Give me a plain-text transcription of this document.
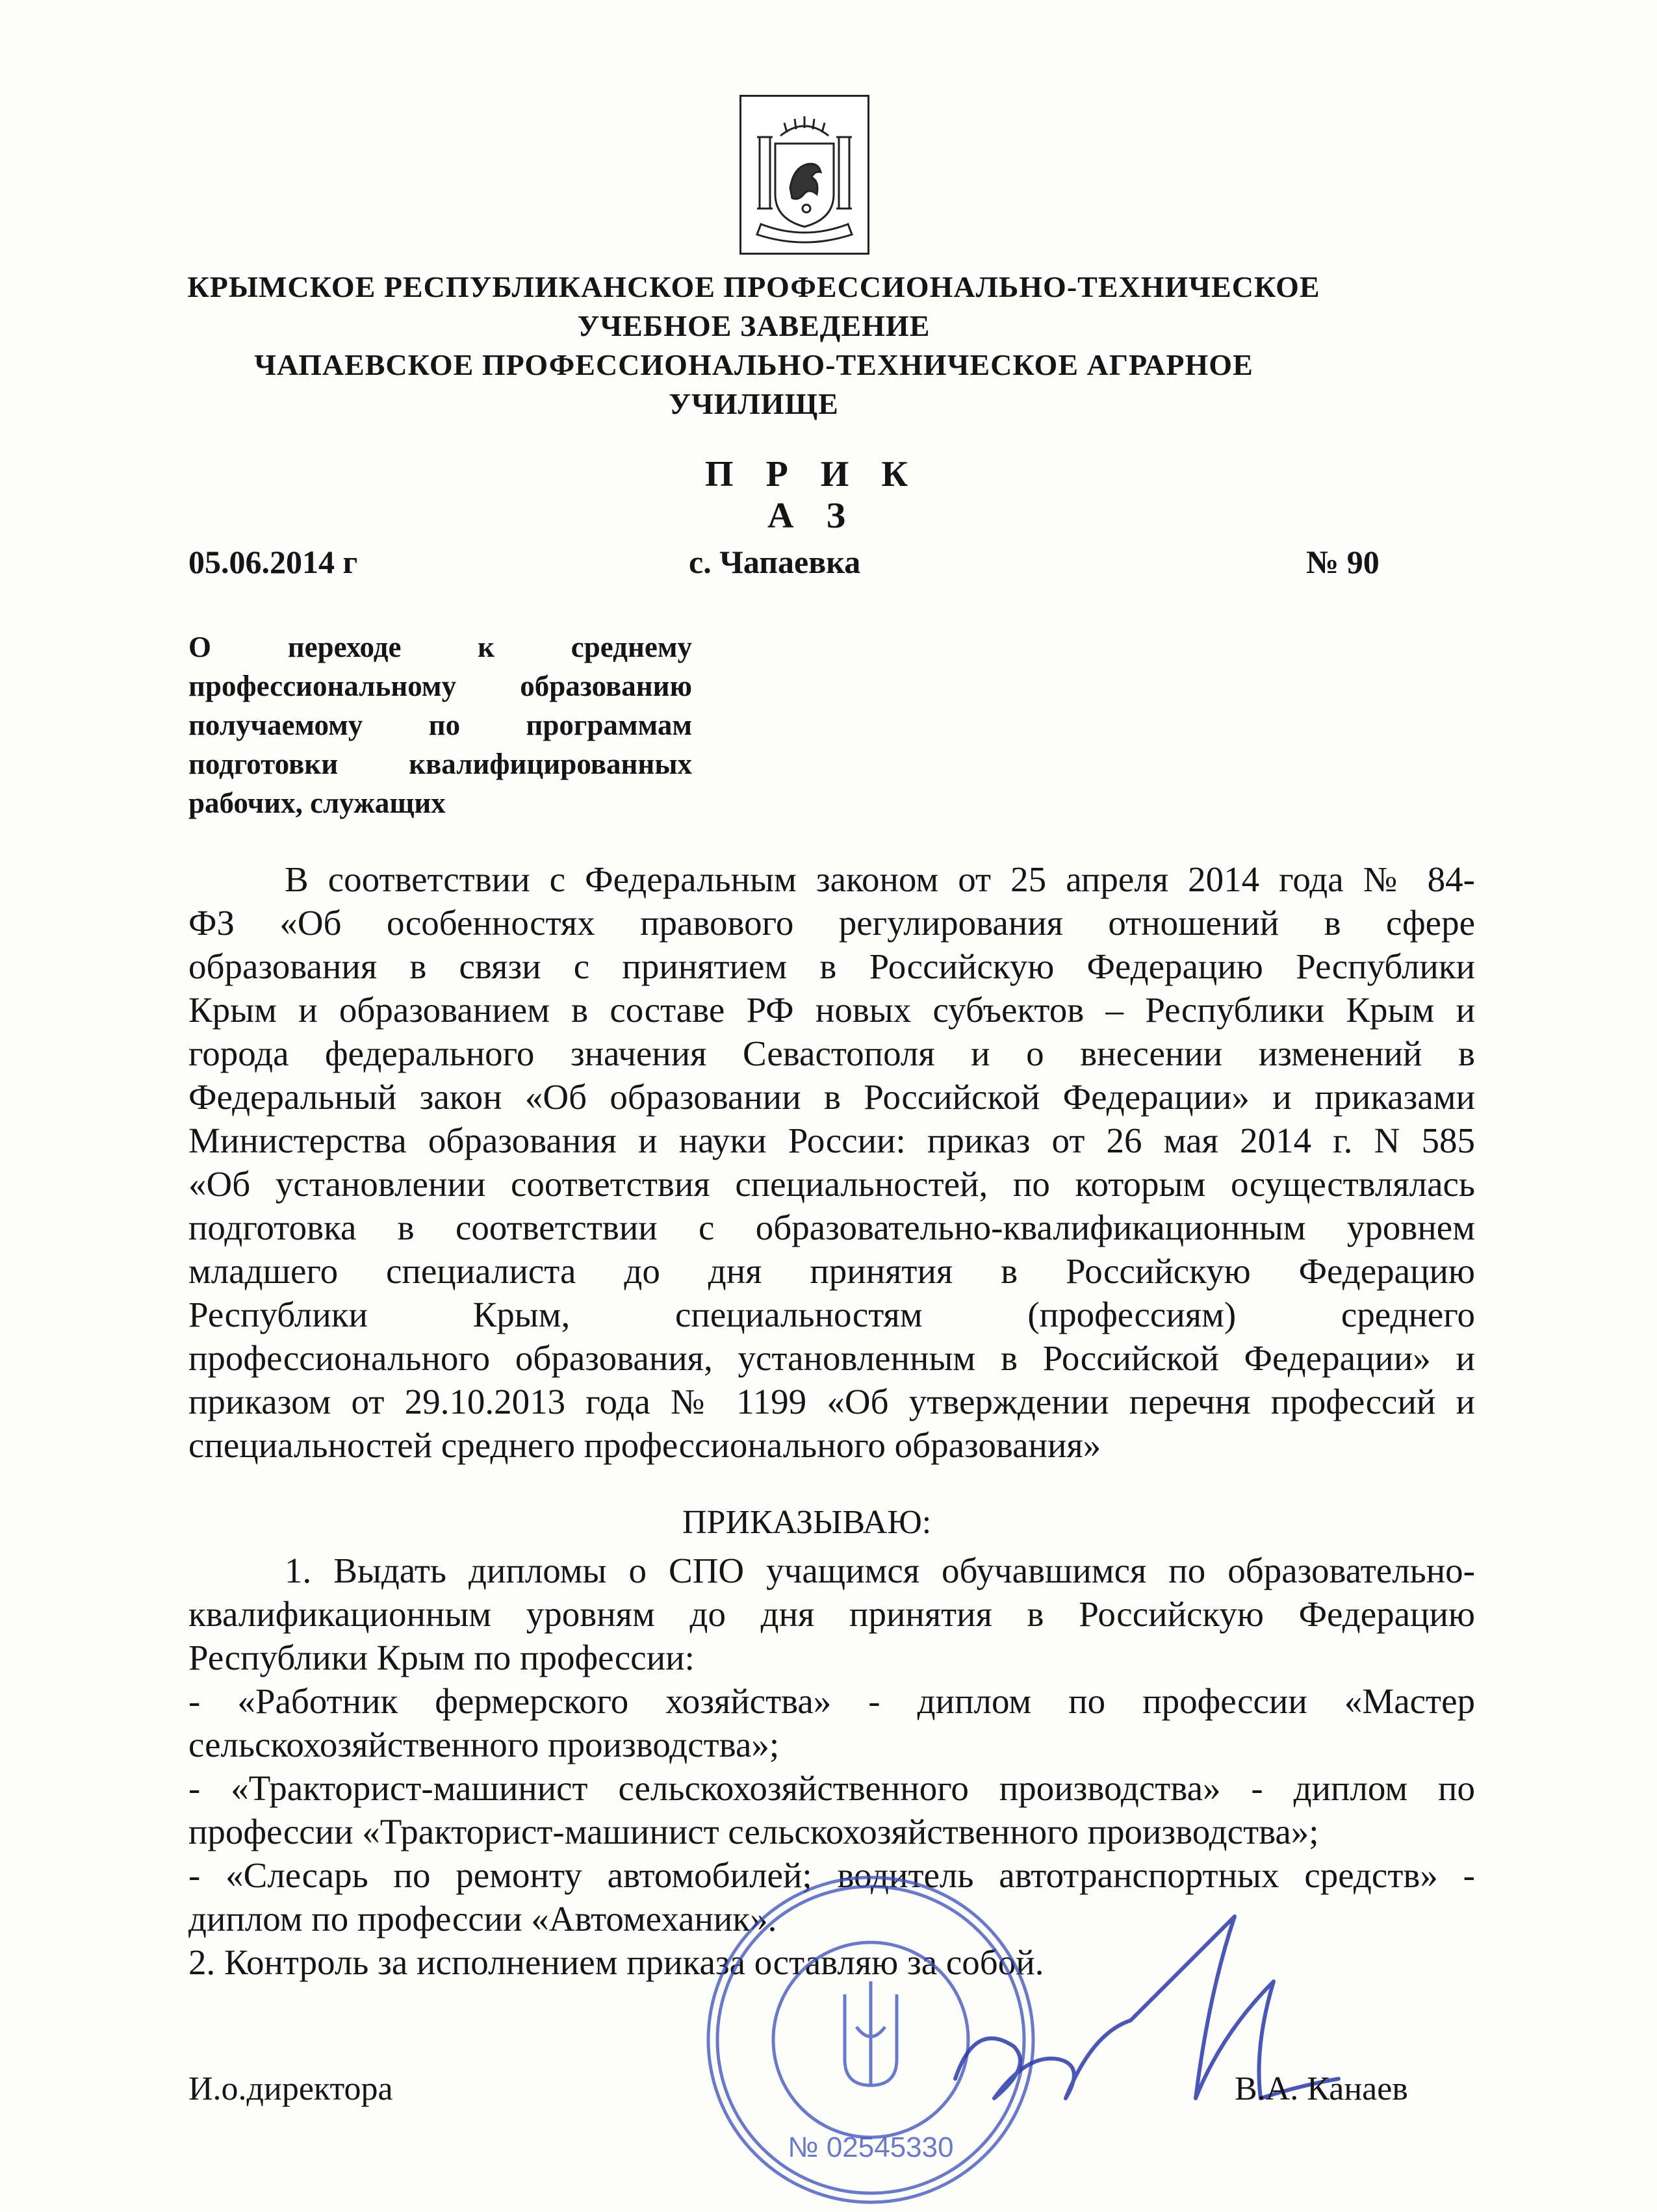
КРЫМСКОЕ РЕСПУБЛИКАНСКОЕ ПРОФЕССИОНАЛЬНО-ТЕХНИЧЕСКОЕ
УЧЕБНОЕ ЗАВЕДЕНИЕ
ЧАПАЕВСКОЕ ПРОФЕССИОНАЛЬНО-ТЕХНИЧЕСКОЕ АГРАРНОЕ УЧИЛИЩЕ
П Р И К А З
05.06.2014 г	с. Чапаевка	№ 90
О переходе к среднему
профессиональному образованию
получаемому по программам
подготовки квалифицированных
рабочих, служащих
В соответствии с Федеральным законом от 25 апреля 2014 года № 84-
ФЗ «Об особенностях правового регулирования отношений в сфере
образования в связи с принятием в Российскую Федерацию Республики
Крым и образованием в составе РФ новых субъектов – Республики Крым и
города федерального значения Севастополя и о внесении изменений в
Федеральный закон «Об образовании в Российской Федерации» и приказами
Министерства образования и науки России: приказ от 26 мая 2014 г. N 585
«Об установлении соответствия специальностей, по которым осуществлялась
подготовка в соответствии с образовательно-квалификационным уровнем
младшего специалиста до дня принятия в Российскую Федерацию
Республики Крым, специальностям (профессиям) среднего
профессионального образования, установленным в Российской Федерации» и
приказом от 29.10.2013 года № 1199 «Об утверждении перечня профессий и
специальностей среднего профессионального образования»
ПРИКАЗЫВАЮ:
1. Выдать дипломы о СПО учащимся обучавшимся по образовательно-
квалификационным уровням до дня принятия в Российскую Федерацию
Республики Крым по профессии:
- «Работник фермерского хозяйства» - диплом по профессии «Мастер
сельскохозяйственного производства»;
- «Тракторист-машинист сельскохозяйственного производства» - диплом по
профессии «Тракторист-машинист сельскохозяйственного производства»;
- «Слесарь по ремонту автомобилей; водитель автотранспортных средств» -
диплом по профессии «Автомеханик».
2. Контроль за исполнением приказа оставляю за собой.
№ 02545330
И.о.директора	В.А. Канаев
